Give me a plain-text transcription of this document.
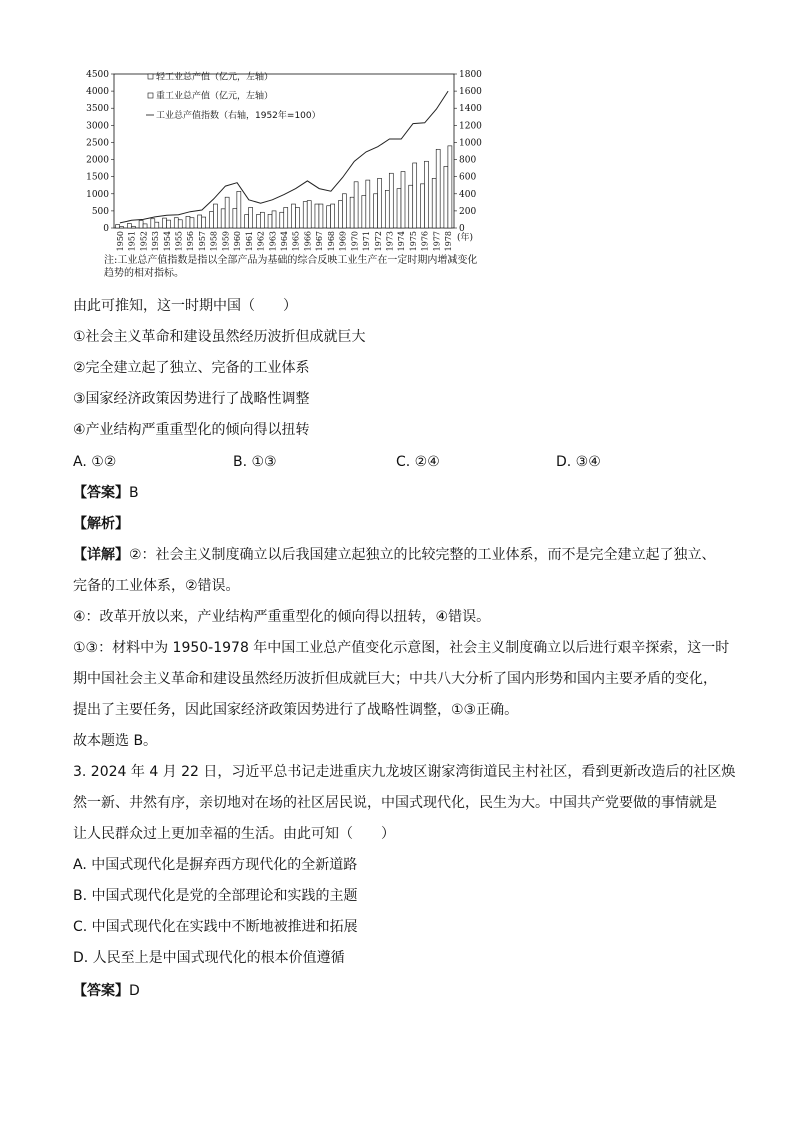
0
500
1000
1500
2000
2500
3000
3500
4000
4500
0
200
400
600
800
1000
1200
1400
1600
1800
1950 1951 1952 1953 1954 1955 1956 1957 1958 1959 1960 1961 1962 1963 1964 1965 1966 1967 1968 1969 1970 1971 1972 1973 1974 1975 1976 1977 1978 (年)
轻工业总产值（亿元，左轴）
重工业总产值（亿元，左轴）
工业总产值指数（右轴，1952年=100）
注:工业总产值指数是指以全部产品为基础的综合反映工业生产在一定时期内增减变化趋势的相对指标。
由此可推知，这一时期中国（　　）
①社会主义革命和建设虽然经历波折但成就巨大
②完全建立起了独立、完备的工业体系
③国家经济政策因势进行了战略性调整
④产业结构严重重型化的倾向得以扭转
A. ①②	B. ①③	C. ②④	D. ③④
【答案】B
【解析】
【详解】②：社会主义制度确立以后我国建立起独立的比较完整的工业体系，而不是完全建立起了独立、
完备的工业体系，②错误。
④：改革开放以来，产业结构严重重型化的倾向得以扭转，④错误。
①③：材料中为 1950-1978 年中国工业总产值变化示意图，社会主义制度确立以后进行艰辛探索，这一时
期中国社会主义革命和建设虽然经历波折但成就巨大；中共八大分析了国内形势和国内主要矛盾的变化，
提出了主要任务，因此国家经济政策因势进行了战略性调整，①③正确。
故本题选 B。
3. 2024 年 4 月 22 日，习近平总书记走进重庆九龙坡区谢家湾街道民主村社区，看到更新改造后的社区焕
然一新、井然有序，亲切地对在场的社区居民说，中国式现代化，民生为大。中国共产党要做的事情就是
让人民群众过上更加幸福的生活。由此可知（　　）
A. 中国式现代化是摒弃西方现代化的全新道路
B. 中国式现代化是党的全部理论和实践的主题
C. 中国式现代化在实践中不断地被推进和拓展
D. 人民至上是中国式现代化的根本价值遵循
【答案】D
